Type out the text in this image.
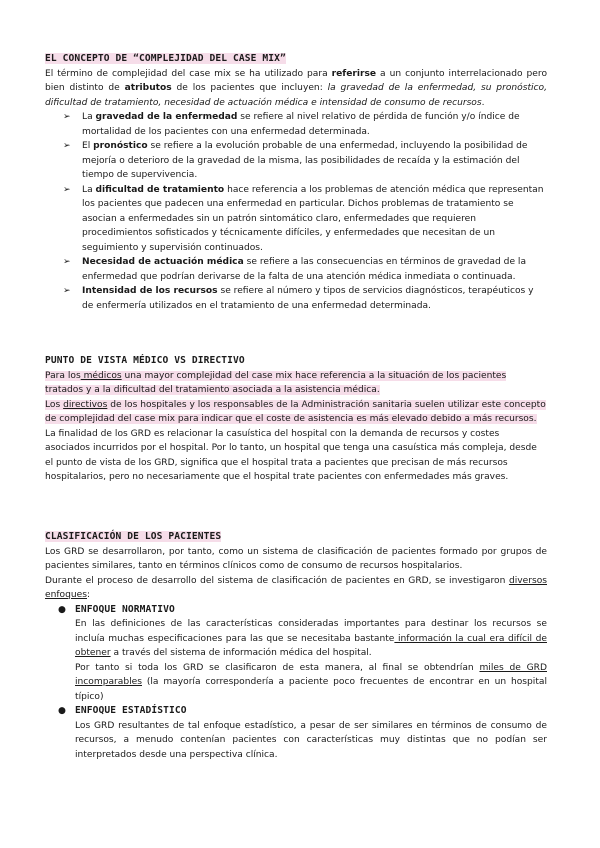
EL CONCEPTO DE “COMPLEJIDAD DEL CASE MIX”

El término de complejidad del case mix se ha utilizado para referirse a un conjunto interrelacionado pero bien distinto de atributos de los pacientes que incluyen: la gravedad de la enfermedad, su pronóstico, dificultad de tratamiento, necesidad de actuación médica e intensidad de consumo de recursos.

➢ La gravedad de la enfermedad se refiere al nivel relativo de pérdida de función y/o índice de mortalidad de los pacientes con una enfermedad determinada.
➢ El pronóstico se refiere a la evolución probable de una enfermedad, incluyendo la posibilidad de mejoría o deterioro de la gravedad de la misma, las posibilidades de recaída y la estimación del tiempo de supervivencia.
➢ La dificultad de tratamiento hace referencia a los problemas de atención médica que representan los pacientes que padecen una enfermedad en particular. Dichos problemas de tratamiento se asocian a enfermedades sin un patrón sintomático claro, enfermedades que requieren procedimientos sofisticados y técnicamente difíciles, y enfermedades que necesitan de un seguimiento y supervisión continuados.
➢ Necesidad de actuación médica se refiere a las consecuencias en términos de gravedad de la enfermedad que podrían derivarse de la falta de una atención médica inmediata o continuada.
➢ Intensidad de los recursos se refiere al número y tipos de servicios diagnósticos, terapéuticos y de enfermería utilizados en el tratamiento de una enfermedad determinada.
PUNTO DE VISTA MÉDICO VS DIRECTIVO

Para los médicos una mayor complejidad del case mix hace referencia a la situación de los pacientes tratados y a la dificultad del tratamiento asociada a la asistencia médica.

Los directivos de los hospitales y los responsables de la Administración sanitaria suelen utilizar este concepto de complejidad del case mix para indicar que el coste de asistencia es más elevado debido a más recursos.

La finalidad de los GRD es relacionar la casuística del hospital con la demanda de recursos y costes asociados incurridos por el hospital. Por lo tanto, un hospital que tenga una casuística más compleja, desde el punto de vista de los GRD, significa que el hospital trata a pacientes que precisan de más recursos hospitalarios, pero no necesariamente que el hospital trate pacientes con enfermedades más graves.

CLASIFICACIÓN DE LOS PACIENTES

Los GRD se desarrollaron, por tanto, como un sistema de clasificación de pacientes formado por grupos de pacientes similares, tanto en términos clínicos como de consumo de recursos hospitalarios.

Durante el proceso de desarrollo del sistema de clasificación de pacientes en GRD, se investigaron diversos enfoques:

● ENFOQUE NORMATIVO

En las definiciones de las características consideradas importantes para destinar los recursos se incluía muchas especificaciones para las que se necesitaba bastante información la cual era difícil de obtener a través del sistema de información médica del hospital.

Por tanto si toda los GRD se clasificaron de esta manera, al final se obtendrían miles de GRD incomparables (la mayoría correspondería a paciente poco frecuentes de encontrar en un hospital típico)

● ENFOQUE ESTADÍSTICO

Los GRD resultantes de tal enfoque estadístico, a pesar de ser similares en términos de consumo de recursos, a menudo contenían pacientes con características muy distintas que no podían ser interpretados desde una perspectiva clínica.
